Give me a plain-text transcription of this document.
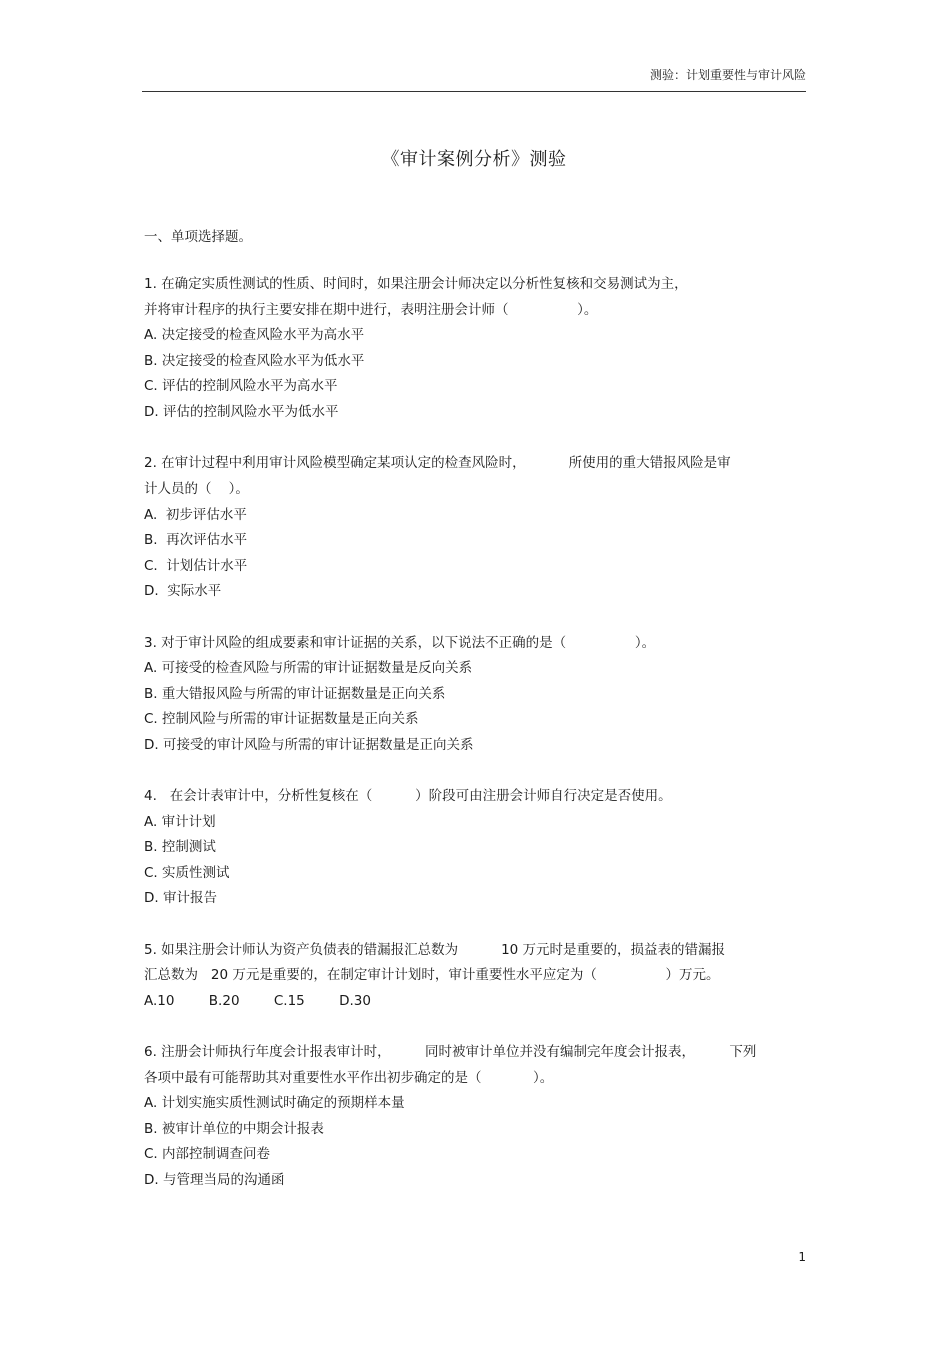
测验：计划重要性与审计风险
《审计案例分析》测验
一、单项选择题。
1. 在确定实质性测试的性质、时间时，如果注册会计师决定以分析性复核和交易测试为主，
并将审计程序的执行主要安排在期中进行，表明注册会计师（                ）。
A. 决定接受的检查风险水平为高水平
B. 决定接受的检查风险水平为低水平
C. 评估的控制风险水平为高水平
D. 评估的控制风险水平为低水平
2. 在审计过程中利用审计风险模型确定某项认定的检查风险时，          所使用的重大错报风险是审
计人员的（    ）。
A.  初步评估水平
B.  再次评估水平
C.  计划估计水平
D.  实际水平
3. 对于审计风险的组成要素和审计证据的关系，以下说法不正确的是（                ）。
A. 可接受的检查风险与所需的审计证据数量是反向关系
B. 重大错报风险与所需的审计证据数量是正向关系
C. 控制风险与所需的审计证据数量是正向关系
D. 可接受的审计风险与所需的审计证据数量是正向关系
4.   在会计表审计中，分析性复核在（          ）阶段可由注册会计师自行决定是否使用。
A. 审计计划
B. 控制测试
C. 实质性测试
D. 审计报告
5. 如果注册会计师认为资产负债表的错漏报汇总数为          10 万元时是重要的，损益表的错漏报
汇总数为   20 万元是重要的，在制定审计计划时，审计重要性水平应定为（                ）万元。
A.10        B.20        C.15        D.30
6. 注册会计师执行年度会计报表审计时，        同时被审计单位并没有编制完年度会计报表，        下列
各项中最有可能帮助其对重要性水平作出初步确定的是（            ）。
A. 计划实施实质性测试时确定的预期样本量
B. 被审计单位的中期会计报表
C. 内部控制调查问卷
D. 与管理当局的沟通函
1
